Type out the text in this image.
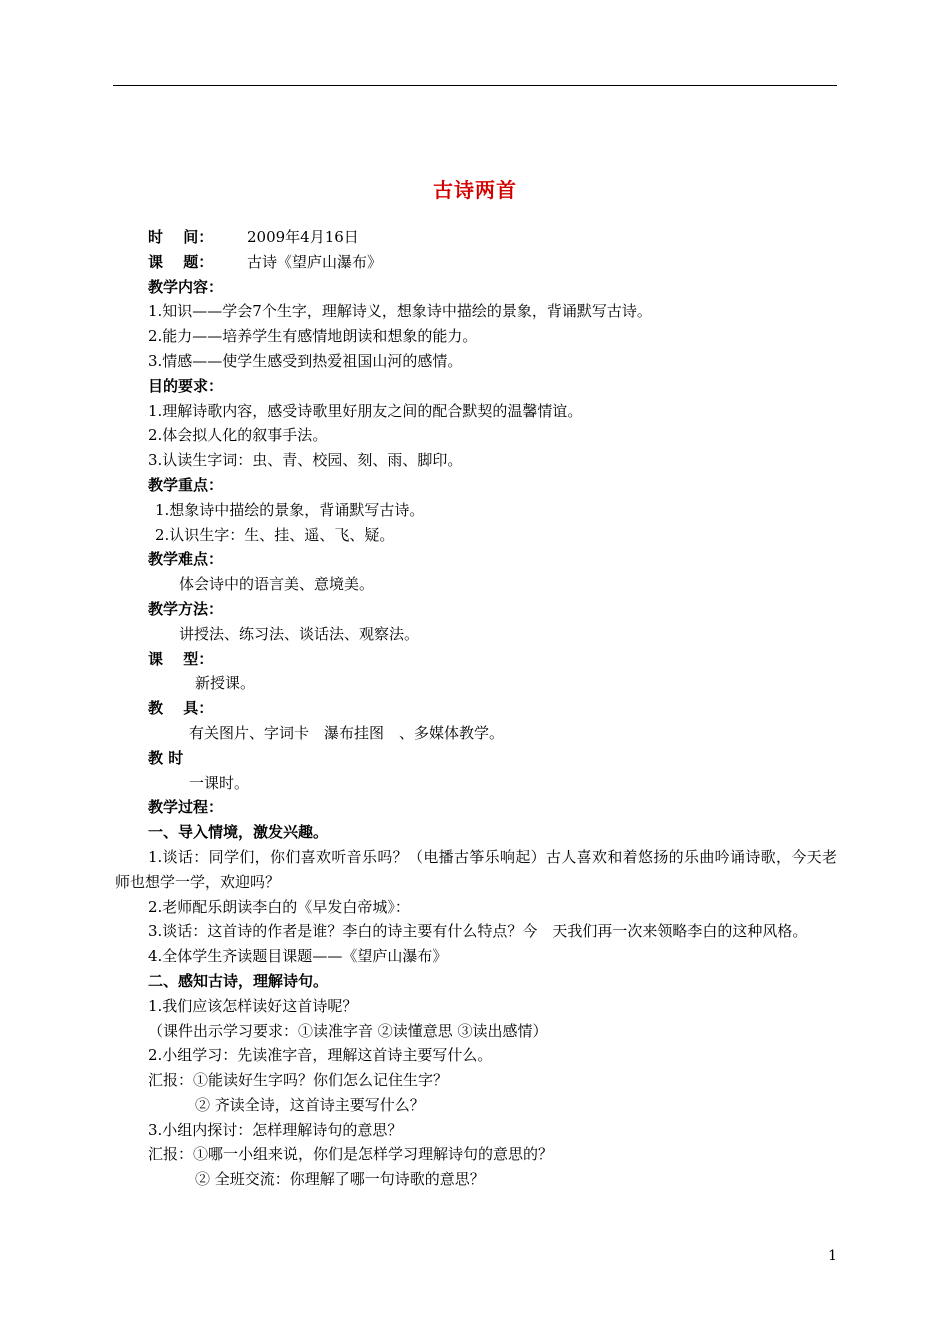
古诗两首
时　 间： 2009年4月16日
课　 题： 古诗《望庐山瀑布》
教学内容：
1.知识——学会7个生字，理解诗义，想象诗中描绘的景象，背诵默写古诗。
2.能力——培养学生有感情地朗读和想象的能力。
3.情感——使学生感受到热爱祖国山河的感情。
目的要求：
1.理解诗歌内容，感受诗歌里好朋友之间的配合默契的温馨情谊。
2.体会拟人化的叙事手法。
3.认读生字词：虫、青、校园、刻、雨、脚印。
教学重点：
1.想象诗中描绘的景象，背诵默写古诗。
2.认识生字：生、挂、遥、飞、疑。
教学难点：
体会诗中的语言美、意境美。
教学方法：
讲授法、练习法、谈话法、观察法。
课　 型：
新授课。
教　 具：
有关图片、字词卡　瀑布挂图　、多媒体教学。
教 时
一课时。
教学过程：
一、导入情境，激发兴趣。
1.谈话：同学们，你们喜欢听音乐吗？（电播古筝乐响起）古人喜欢和着悠扬的乐曲吟诵诗歌，今天老师也想学一学，欢迎吗？
2.老师配乐朗读李白的《早发白帝城》：
3.谈话：这首诗的作者是谁？李白的诗主要有什么特点？今　天我们再一次来领略李白的这种风格。
4.全体学生齐读题目课题——《望庐山瀑布》
二、感知古诗，理解诗句。
1.我们应该怎样读好这首诗呢？
（课件出示学习要求：①读准字音 ②读懂意思 ③读出感情）
2.小组学习：先读准字音，理解这首诗主要写什么。
汇报：①能读好生字吗？你们怎么记住生字？
② 齐读全诗，这首诗主要写什么？
3.小组内探讨：怎样理解诗句的意思？
汇报：①哪一小组来说，你们是怎样学习理解诗句的意思的？
② 全班交流：你理解了哪一句诗歌的意思？
1
